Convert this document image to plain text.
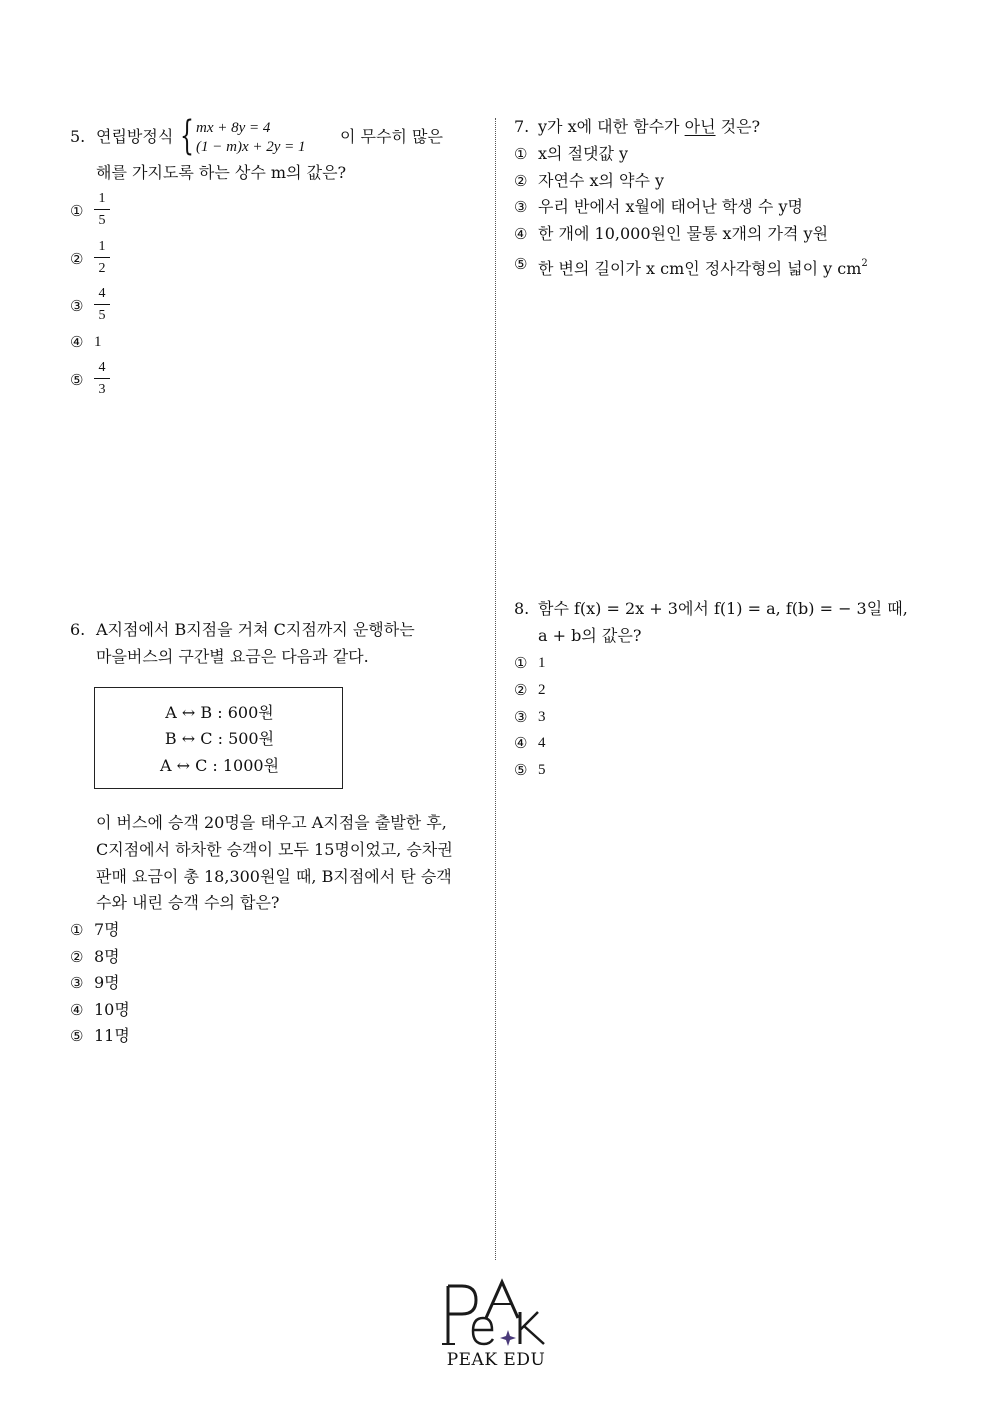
5. 연립방정식 { mx + 8y = 4
(1 − m)x + 2y = 1
이 무수히 많은
해를 가지도록 하는 상수 m의 값은?
①
1
5
②
1
2
③
4
5
④ 1
⑤
4
3
6. A지점에서 B지점을 거쳐 C지점까지 운행하는
마을버스의 구간별 요금은 다음과 같다.
A ↔ B : 600원
B ↔ C : 500원
A ↔ C : 1000원
이 버스에 승객 20명을 태우고 A지점을 출발한 후,
C지점에서 하차한 승객이 모두 15명이었고, 승차권
판매 요금이 총 18,300원일 때, B지점에서 탄 승객
수와 내린 승객 수의 합은?
① 7명
② 8명
③ 9명
④ 10명
⑤ 11명
7. y가 x에 대한 함수가 아닌 것은?
① x의 절댓값 y
② 자연수 x의 약수 y
③ 우리 반에서 x월에 태어난 학생 수 y명
④ 한 개에 10,000원인 물통 x개의 가격 y원
⑤ 한 변의 길이가 x cm인 정사각형의 넓이 y $cm^2$
8. 함수 f(x) = 2x + 3에서 f(1) = a, f(b) = − 3일 때,
a + b의 값은?
① 1
② 2
③ 3
④ 4
⑤ 5
PEAK EDU
